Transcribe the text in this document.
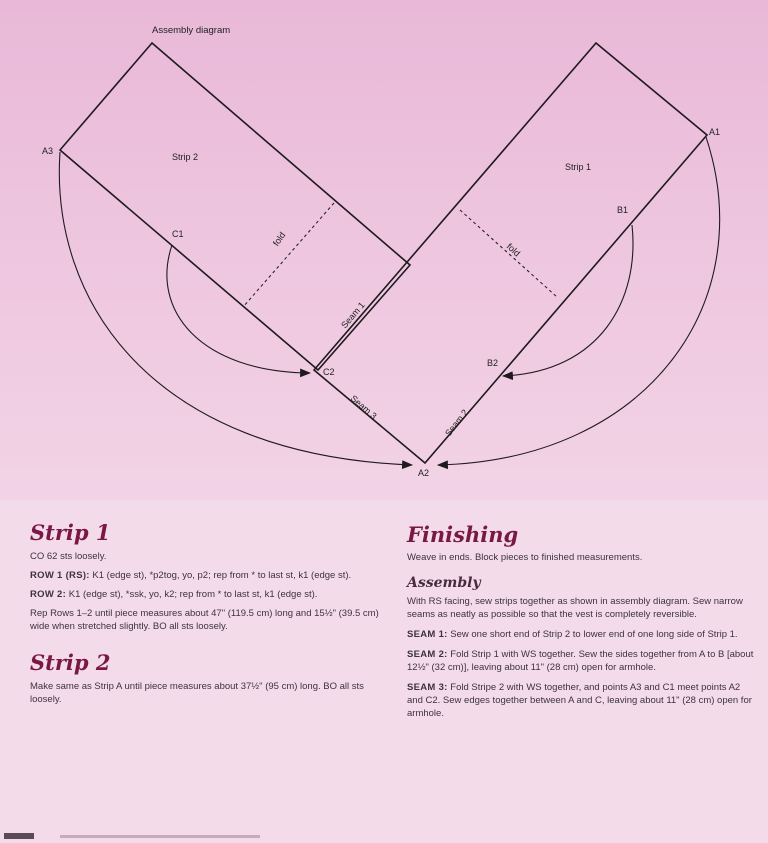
Assembly diagram
Strip 2
Strip 1
A3
A1
B1
C1
C2
B2
A2
fold
fold
Seam 1
Seam 2
Seam 3
Strip 1

CO 62 sts loosely.

ROW 1 (RS): K1 (edge st), *p2tog, yo, p2; rep from * to last st, k1 (edge st).

ROW 2: K1 (edge st), *ssk, yo, k2; rep from * to last st, k1 (edge st).

Rep Rows 1–2 until piece measures about 47" (119.5 cm) long and 15½" (39.5 cm) wide when stretched slightly. BO all sts loosely.

Strip 2

Make same as Strip A until piece measures about 37½" (95 cm) long. BO all sts loosely.

Finishing

Weave in ends. Block pieces to finished measurements.

Assembly

With RS facing, sew strips together as shown in assembly diagram. Sew narrow seams as neatly as possible so that the vest is completely reversible.

SEAM 1: Sew one short end of Strip 2 to lower end of one long side of Strip 1.

SEAM 2: Fold Strip 1 with WS together. Sew the sides together from A to B [about 12½" (32 cm)], leaving about 11" (28 cm) open for armhole.

SEAM 3: Fold Stripe 2 with WS together, and points A3 and C1 meet points A2 and C2. Sew edges together between A and C, leaving about 11" (28 cm) open for armhole.
